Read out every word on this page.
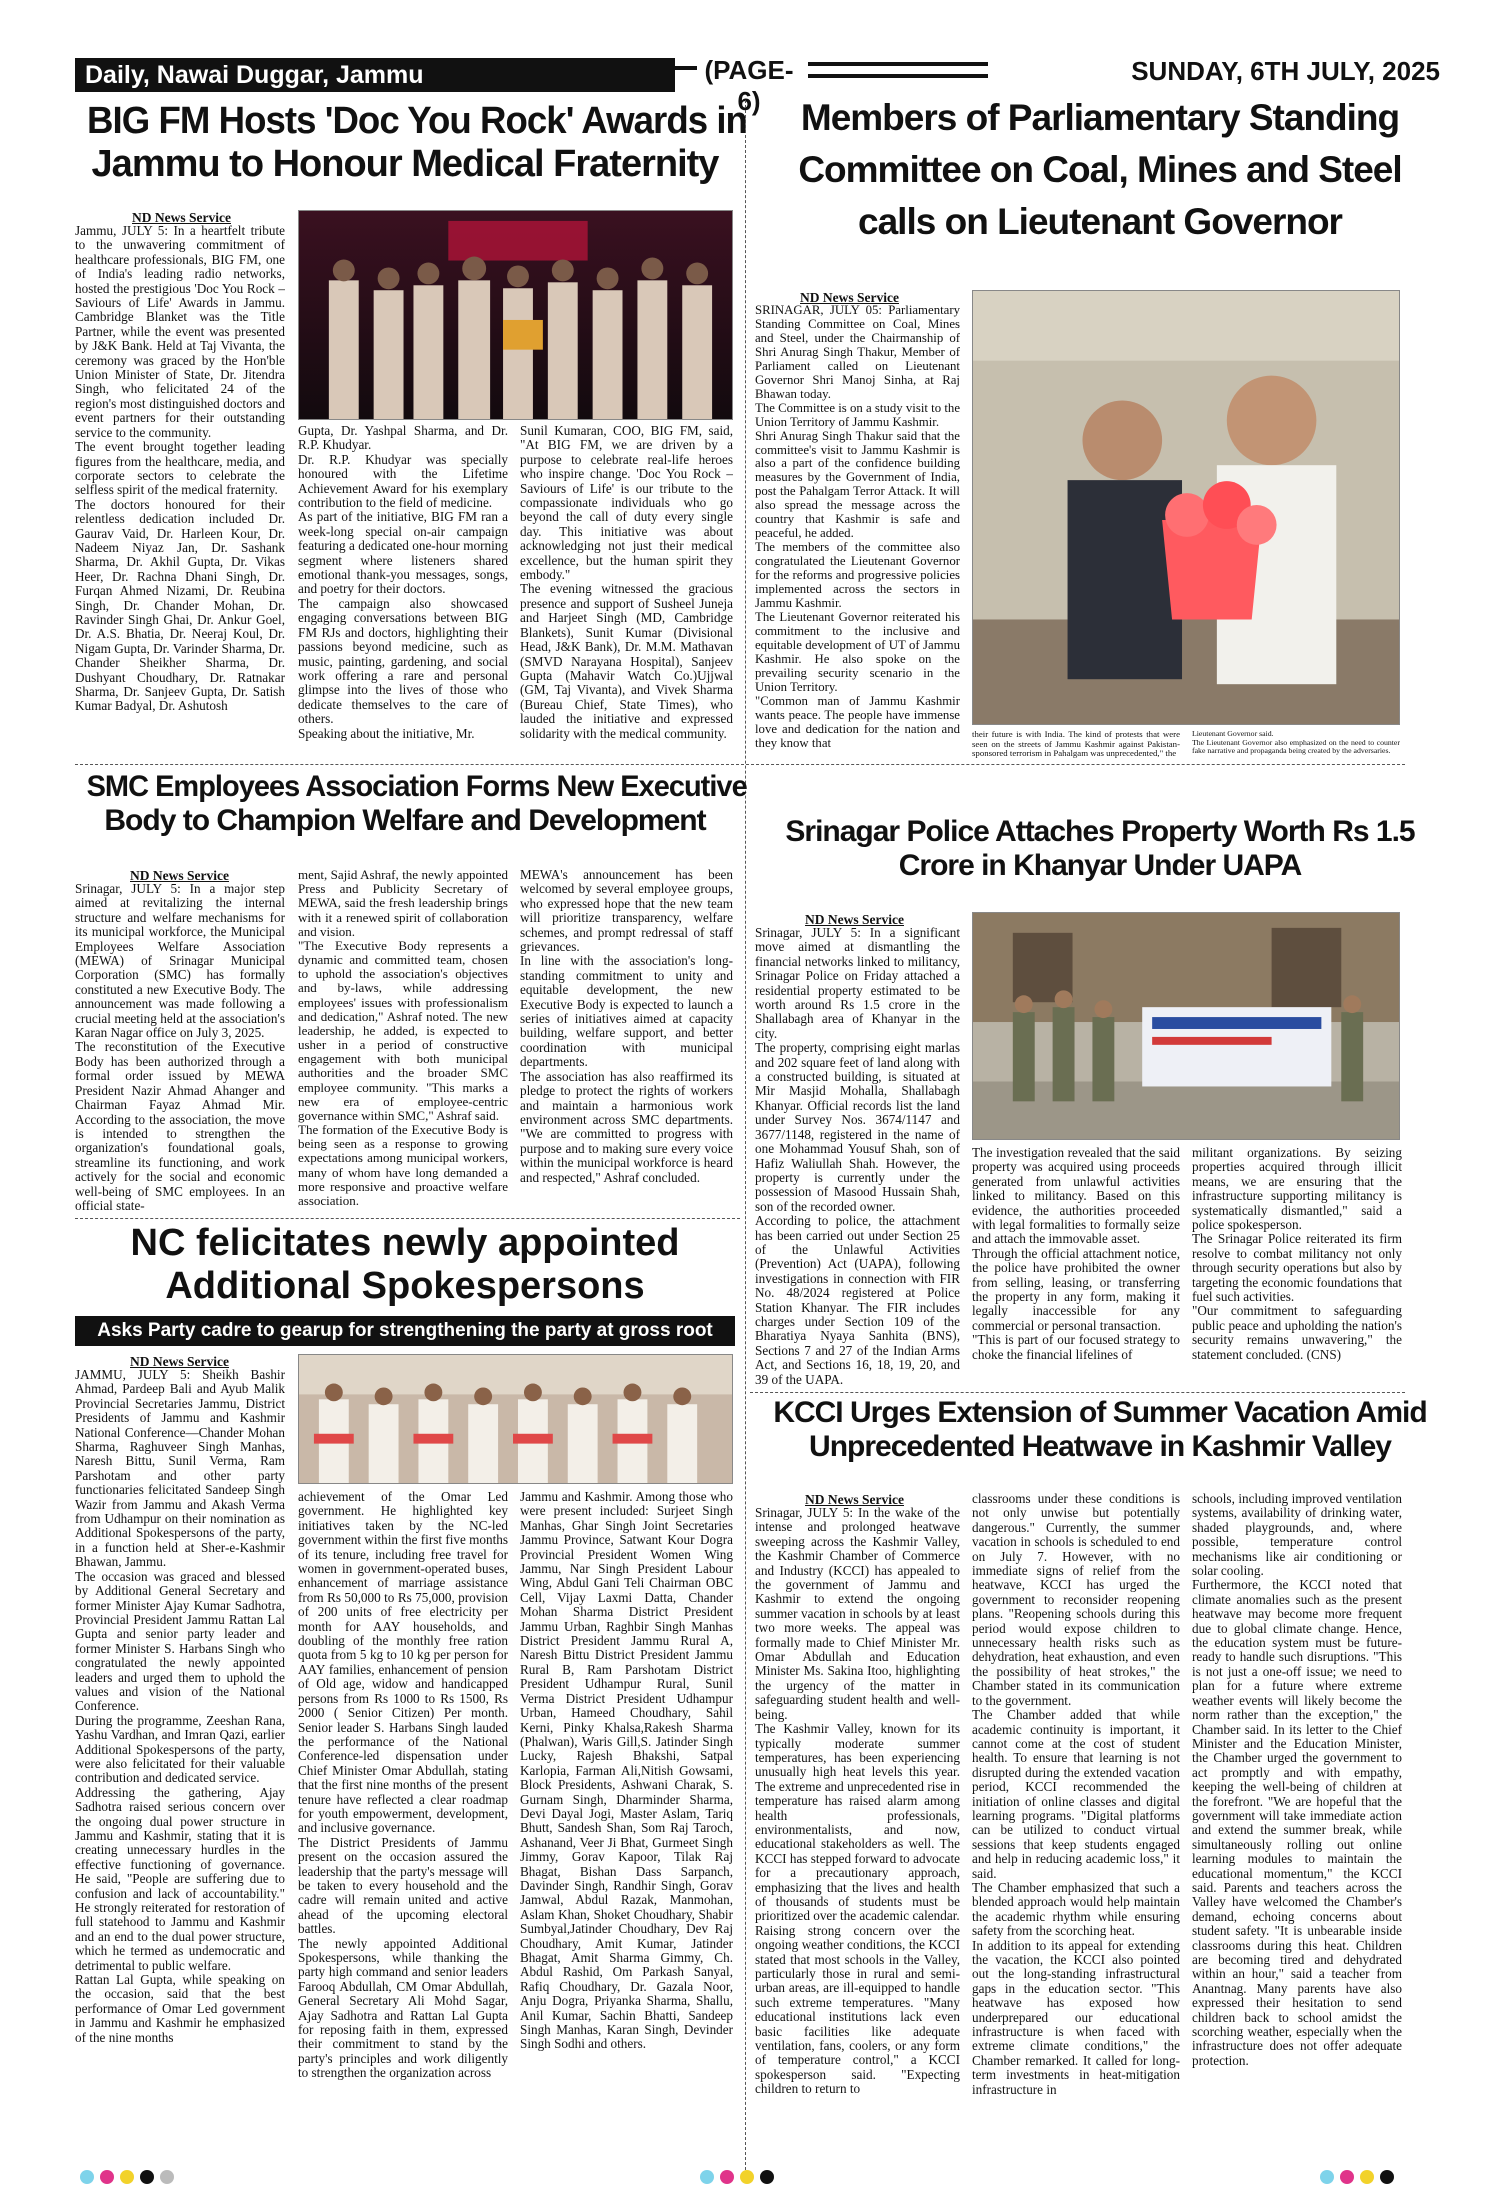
Daily, Nawai Duggar, Jammu	(PAGE-6)
SUNDAY, 6TH JULY, 2025
BIG FM Hosts 'Doc You Rock' Awards in
Jammu to Honour Medical Fraternity
ND News Service
Jammu, JULY 5: In a heartfelt tribute to the unwavering commitment of healthcare professionals, BIG FM, one of India's leading radio networks, hosted the prestigious 'Doc You Rock – Saviours of Life' Awards in Jammu. Cambridge Blanket was the Title Partner, while the event was presented by J&K Bank. Held at Taj Vivanta, the ceremony was graced by the Hon'ble Union Minister of State, Dr. Jitendra Singh, who felicitated 24 of the region's most distinguished doctors and event partners for their outstanding service to the community.
The event brought together leading figures from the healthcare, media, and corporate sectors to celebrate the selfless spirit of the medical fraternity.
The doctors honoured for their relentless dedication included Dr. Gaurav Vaid, Dr. Harleen Kour, Dr. Nadeem Niyaz Jan, Dr. Sashank Sharma, Dr. Akhil Gupta, Dr. Vikas Heer, Dr. Rachna Dhani Singh, Dr. Furqan Ahmed Nizami, Dr. Reubina Singh, Dr. Chander Mohan, Dr. Ravinder Singh Ghai, Dr. Ankur Goel, Dr. A.S. Bhatia, Dr. Neeraj Koul, Dr. Nigam Gupta, Dr. Varinder Sharma, Dr. Chander Sheikher Sharma, Dr. Dushyant Choudhary, Dr. Ratnakar Sharma, Dr. Sanjeev Gupta, Dr. Satish Kumar Badyal, Dr. Ashutosh
Gupta, Dr. Yashpal Sharma, and Dr. R.P. Khudyar.
Dr. R.P. Khudyar was specially honoured with the Lifetime Achievement Award for his exemplary contribution to the field of medicine.
As part of the initiative, BIG FM ran a week-long special on-air campaign featuring a dedicated one-hour morning segment where listeners shared emotional thank-you messages, songs, and poetry for their doctors.
The campaign also showcased engaging conversations between BIG FM RJs and doctors, highlighting their passions beyond medicine, such as music, painting, gardening, and social work offering a rare and personal glimpse into the lives of those who dedicate themselves to the care of others.
Speaking about the initiative, Mr.
Sunil Kumaran, COO, BIG FM, said, "At BIG FM, we are driven by a purpose to celebrate real-life heroes who inspire change. 'Doc You Rock – Saviours of Life' is our tribute to the compassionate individuals who go beyond the call of duty every single day. This initiative was about acknowledging not just their medical excellence, but the human spirit they embody."
The evening witnessed the gracious presence and support of Susheel Juneja and Harjeet Singh (MD, Cambridge Blankets), Sunit Kumar (Divisional Head, J&K Bank), Dr. M.M. Mathavan (SMVD Narayana Hospital), Sanjeev Gupta (Mahavir Watch Co.)Ujjwal (GM, Taj Vivanta), and Vivek Sharma (Bureau Chief, State Times), who lauded the initiative and expressed solidarity with the medical community.
Members of Parliamentary Standing
Committee on Coal, Mines and Steel
calls on Lieutenant Governor
ND News Service
SRINAGAR, JULY 05: Parliamentary Standing Committee on Coal, Mines and Steel, under the Chairmanship of Shri Anurag Singh Thakur, Member of Parliament called on Lieutenant Governor Shri Manoj Sinha, at Raj Bhawan today.
The Committee is on a study visit to the Union Territory of Jammu Kashmir.
Shri Anurag Singh Thakur said that the committee's visit to Jammu Kashmir is also a part of the confidence building measures by the Government of India, post the Pahalgam Terror Attack. It will also spread the message across the country that Kashmir is safe and peaceful, he added.
The members of the committee also congratulated the Lieutenant Governor for the reforms and progressive policies implemented across the sectors in Jammu Kashmir.
The Lieutenant Governor reiterated his commitment to the inclusive and equitable development of UT of Jammu Kashmir. He also spoke on the prevailing security scenario in the Union Territory.
"Common man of Jammu Kashmir wants peace. The people have immense love and dedication for the nation and they know that
their future is with India. The kind of protests that were seen on the streets of Jammu Kashmir against Pakistan- sponsored terrorism in Pahalgam was unprecedented," the
Lieutenant Governor said.
The Lieutenant Governor also emphasized on the need to counter fake narrative and propaganda being created by the adversaries.
SMC Employees Association Forms New Executive
Body to Champion Welfare and Development
ND News Service
Srinagar, JULY 5: In a major step aimed at revitalizing the internal structure and welfare mechanisms for its municipal workforce, the Municipal Employees Welfare Association (MEWA) of Srinagar Municipal Corporation (SMC) has formally constituted a new Executive Body. The announcement was made following a crucial meeting held at the association's Karan Nagar office on July 3, 2025.
The reconstitution of the Executive Body has been authorized through a formal order issued by MEWA President Nazir Ahmad Ahanger and Chairman Fayaz Ahmad Mir. According to the association, the move is intended to strengthen the organization's foundational goals, streamline its functioning, and work actively for the social and economic well-being of SMC employees. In an official state-
ment, Sajid Ashraf, the newly appointed Press and Publicity Secretary of MEWA, said the fresh leadership brings with it a renewed spirit of collaboration and vision.
"The Executive Body represents a dynamic and committed team, chosen to uphold the association's objectives and by-laws, while addressing employees' issues with professionalism and dedication," Ashraf noted. The new leadership, he added, is expected to usher in a period of constructive engagement with both municipal authorities and the broader SMC employee community. "This marks a new era of employee-centric governance within SMC," Ashraf said.
The formation of the Executive Body is being seen as a response to growing expectations among municipal workers, many of whom have long demanded a more responsive and proactive welfare association.
MEWA's announcement has been welcomed by several employee groups, who expressed hope that the new team will prioritize transparency, welfare schemes, and prompt redressal of staff grievances.
In line with the association's long-standing commitment to unity and equitable development, the new Executive Body is expected to launch a series of initiatives aimed at capacity building, welfare support, and better coordination with municipal departments.
The association has also reaffirmed its pledge to protect the rights of workers and maintain a harmonious work environment across SMC departments. "We are committed to progress with purpose and to making sure every voice within the municipal workforce is heard and respected," Ashraf concluded.
Srinagar Police Attaches Property Worth Rs 1.5
Crore in Khanyar Under UAPA
ND News Service
Srinagar, JULY 5: In a significant move aimed at dismantling the financial networks linked to militancy, Srinagar Police on Friday attached a residential property estimated to be worth around Rs 1.5 crore in the Shallabagh area of Khanyar in the city.
The property, comprising eight marlas and 202 square feet of land along with a constructed building, is situated at Mir Masjid Mohalla, Shallabagh Khanyar. Official records list the land under Survey Nos. 3674/1147 and 3677/1148, registered in the name of one Mohammad Yousuf Shah, son of Hafiz Waliullah Shah. However, the property is currently under the possession of Masood Hussain Shah, son of the recorded owner.
According to police, the attachment has been carried out under Section 25 of the Unlawful Activities (Prevention) Act (UAPA), following investigations in connection with FIR No. 48/2024 registered at Police Station Khanyar. The FIR includes charges under Section 109 of the Bharatiya Nyaya Sanhita (BNS), Sections 7 and 27 of the Indian Arms Act, and Sections 16, 18, 19, 20, and 39 of the UAPA.
The investigation revealed that the said property was acquired using proceeds generated from unlawful activities linked to militancy. Based on this evidence, the authorities proceeded with legal formalities to formally seize and attach the immovable asset.
Through the official attachment notice, the police have prohibited the owner from selling, leasing, or transferring the property in any form, making it legally inaccessible for any commercial or personal transaction.
"This is part of our focused strategy to choke the financial lifelines of
militant organizations. By seizing properties acquired through illicit means, we are ensuring that the infrastructure supporting militancy is systematically dismantled," said a police spokesperson.
The Srinagar Police reiterated its firm resolve to combat militancy not only through security operations but also by targeting the economic foundations that fuel such activities.
"Our commitment to safeguarding public peace and upholding the nation's security remains unwavering," the statement concluded. (CNS)
NC felicitates newly appointed
Additional Spokespersons
Asks Party cadre to gearup for strengthening the party at gross root
ND News Service
JAMMU, JULY 5: Sheikh Bashir Ahmad, Pardeep Bali and Ayub Malik Provincial Secretaries Jammu, District Presidents of Jammu and Kashmir National Conference—Chander Mohan Sharma, Raghuveer Singh Manhas, Naresh Bittu, Sunil Verma, Ram Parshotam and other party functionaries felicitated Sandeep Singh Wazir from Jammu and Akash Verma from Udhampur on their nomination as Additional Spokespersons of the party, in a function held at Sher-e-Kashmir Bhawan, Jammu.
The occasion was graced and blessed by Additional General Secretary and former Minister Ajay Kumar Sadhotra, Provincial President Jammu Rattan Lal Gupta and senior party leader and former Minister S. Harbans Singh who congratulated the newly appointed leaders and urged them to uphold the values and vision of the National Conference.
During the programme, Zeeshan Rana, Yashu Vardhan, and Imran Qazi, earlier Additional Spokespersons of the party, were also felicitated for their valuable contribution and dedicated service.
Addressing the gathering, Ajay Sadhotra raised serious concern over the ongoing dual power structure in Jammu and Kashmir, stating that it is creating unnecessary hurdles in the effective functioning of governance. He said, "People are suffering due to confusion and lack of accountability." He strongly reiterated for restoration of full statehood to Jammu and Kashmir and an end to the dual power structure, which he termed as undemocratic and detrimental to public welfare.
Rattan Lal Gupta, while speaking on the occasion, said that the best performance of Omar Led government in Jammu and Kashmir he emphasized of the nine months
achievement of the Omar Led government. He highlighted key initiatives taken by the NC-led government within the first five months of its tenure, including free travel for women in government-operated buses, enhancement of marriage assistance from Rs 50,000 to Rs 75,000, provision of 200 units of free electricity per month for AAY households, and doubling of the monthly free ration quota from 5 kg to 10 kg per person for AAY families, enhancement of pension of Old age, widow and handicapped persons from Rs 1000 to Rs 1500, Rs 2000 ( Senior Citizen) Per month. Senior leader S. Harbans Singh lauded the performance of the National Conference-led dispensation under Chief Minister Omar Abdullah, stating that the first nine months of the present tenure have reflected a clear roadmap for youth empowerment, development, and inclusive governance.
The District Presidents of Jammu present on the occasion assured the leadership that the party's message will be taken to every household and the cadre will remain united and active ahead of the upcoming electoral battles.
The newly appointed Additional Spokespersons, while thanking the party high command and senior leaders Farooq Abdullah, CM Omar Abdullah, General Secretary Ali Mohd Sagar, Ajay Sadhotra and Rattan Lal Gupta for reposing faith in them, expressed their commitment to stand by the party's principles and work diligently to strengthen the organization across
Jammu and Kashmir. Among those who were present included: Surjeet Singh Manhas, Ghar Singh Joint Secretaries Jammu Province, Satwant Kour Dogra Provincial President Women Wing Jammu, Nar Singh President Labour Wing, Abdul Gani Teli Chairman OBC Cell, Vijay Laxmi Datta, Chander Mohan Sharma District President Jammu Urban, Raghbir Singh Manhas District President Jammu Rural A, Naresh Bittu District President Jammu Rural B, Ram Parshotam District President Udhampur Rural, Sunil Verma District President Udhampur Urban, Hameed Choudhary, Sahil Kerni, Pinky Khalsa,Rakesh Sharma (Phalwan), Waris Gill,S. Jatinder Singh Lucky, Rajesh Bhakshi, Satpal Karlopia, Farman Ali,Nitish Gowsami, Block Presidents, Ashwani Charak, S. Gurnam Singh, Dharminder Sharma, Devi Dayal Jogi, Master Aslam, Tariq Bhutt, Sandesh Shan, Som Raj Taroch, Ashanand, Veer Ji Bhat, Gurmeet Singh Jimmy, Gorav Kapoor, Tilak Raj Bhagat, Bishan Dass Sarpanch, Davinder Singh, Randhir Singh, Gorav Jamwal, Abdul Razak, Manmohan, Aslam Khan, Shoket Choudhary, Shabir Sumbyal,Jatinder Choudhary, Dev Raj Choudhary, Amit Kumar, Jatinder Bhagat, Amit Sharma Gimmy, Ch. Abdul Rashid, Om Parkash Sanyal, Rafiq Choudhary, Dr. Gazala Noor, Anju Dogra, Priyanka Sharma, Shallu, Anil Kumar, Sachin Bhatti, Sandeep Singh Manhas, Karan Singh, Devinder Singh Sodhi and others.
KCCI Urges Extension of Summer Vacation Amid
Unprecedented Heatwave in Kashmir Valley
ND News Service
Srinagar, JULY 5: In the wake of the intense and prolonged heatwave sweeping across the Kashmir Valley, the Kashmir Chamber of Commerce and Industry (KCCI) has appealed to the government of Jammu and Kashmir to extend the ongoing summer vacation in schools by at least two more weeks. The appeal was formally made to Chief Minister Mr. Omar Abdullah and Education Minister Ms. Sakina Itoo, highlighting the urgency of the matter in safeguarding student health and well-being.
The Kashmir Valley, known for its typically moderate summer temperatures, has been experiencing unusually high heat levels this year. The extreme and unprecedented rise in temperature has raised alarm among health professionals, environmentalists, and now, educational stakeholders as well. The KCCI has stepped forward to advocate for a precautionary approach, emphasizing that the lives and health of thousands of students must be prioritized over the academic calendar.
Raising strong concern over the ongoing weather conditions, the KCCI stated that most schools in the Valley, particularly those in rural and semi-urban areas, are ill-equipped to handle such extreme temperatures. "Many educational institutions lack even basic facilities like adequate ventilation, fans, coolers, or any form of temperature control," a KCCI spokesperson said. "Expecting children to return to
classrooms under these conditions is not only unwise but potentially dangerous." Currently, the summer vacation in schools is scheduled to end on July 7. However, with no immediate signs of relief from the heatwave, KCCI has urged the government to reconsider reopening plans. "Reopening schools during this period would expose children to unnecessary health risks such as dehydration, heat exhaustion, and even the possibility of heat strokes," the Chamber stated in its communication to the government.
The Chamber added that while academic continuity is important, it cannot come at the cost of student health. To ensure that learning is not disrupted during the extended vacation period, KCCI recommended the initiation of online classes and digital learning programs. "Digital platforms can be utilized to conduct virtual sessions that keep students engaged and help in reducing academic loss," it said.
The Chamber emphasized that such a blended approach would help maintain the academic rhythm while ensuring safety from the scorching heat.
In addition to its appeal for extending the vacation, the KCCI also pointed out the long-standing infrastructural gaps in the education sector. "This heatwave has exposed how underprepared our educational infrastructure is when faced with extreme climate conditions," the Chamber remarked. It called for long-term investments in heat-mitigation infrastructure in
schools, including improved ventilation systems, availability of drinking water, shaded playgrounds, and, where possible, temperature control mechanisms like air conditioning or solar cooling.
Furthermore, the KCCI noted that climate anomalies such as the present heatwave may become more frequent due to global climate change. Hence, the education system must be future-ready to handle such disruptions. "This is not just a one-off issue; we need to plan for a future where extreme weather events will likely become the norm rather than the exception," the Chamber said. In its letter to the Chief Minister and the Education Minister, the Chamber urged the government to act promptly and with empathy, keeping the well-being of children at the forefront. "We are hopeful that the government will take immediate action and extend the summer break, while simultaneously rolling out online learning modules to maintain the educational momentum," the KCCI said. Parents and teachers across the Valley have welcomed the Chamber's demand, echoing concerns about student safety. "It is unbearable inside classrooms during this heat. Children are becoming tired and dehydrated within an hour," said a teacher from Anantnag. Many parents have also expressed their hesitation to send children back to school amidst the scorching weather, especially when the infrastructure does not offer adequate protection.
